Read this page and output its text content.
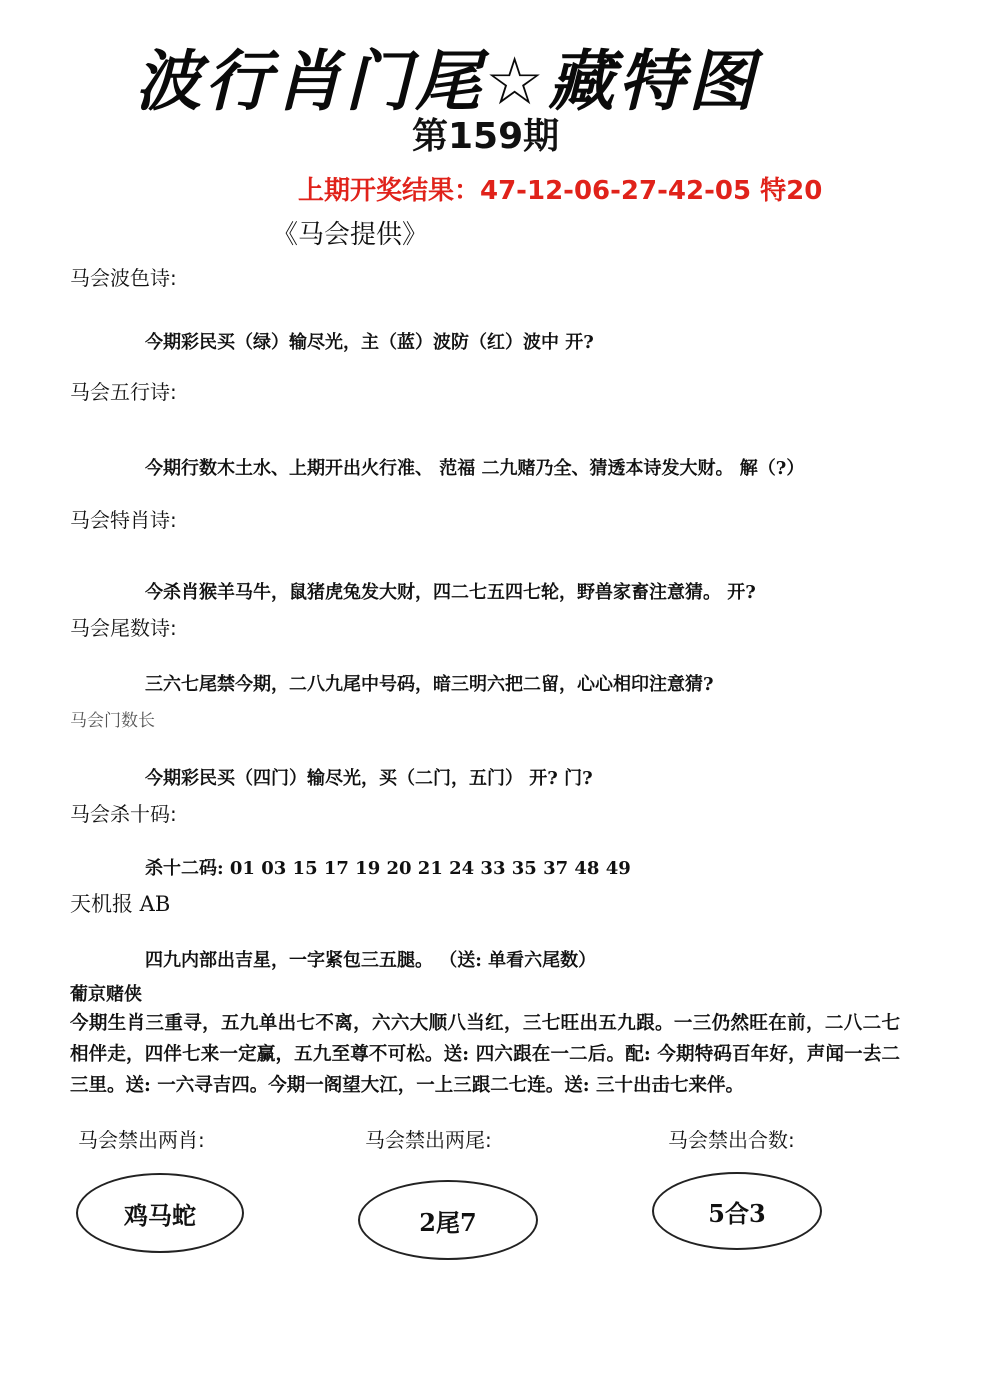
波行肖门尾☆藏特图
第159期
上期开奖结果：47-12-06-27-42-05 特20
《马会提供》
马会波色诗:
今期彩民买（绿）输尽光，主（蓝）波防（红）波中 开?
马会五行诗:
今期行数木土水、上期开出火行准、 范福 二九赌乃全、猜透本诗发大财。 解（?）
马会特肖诗:
今杀肖猴羊马牛，鼠猪虎兔发大财，四二七五四七轮，野兽家畜注意猜。 开?
马会尾数诗:
三六七尾禁今期，二八九尾中号码，暗三明六把二留，心心相印注意猜?
马会门数长
今期彩民买（四门）输尽光，买（二门，五门） 开? 门?
马会杀十码:
杀十二码: 01 03 15 17 19 20 21 24 33 35 37 48 49
天机报 AB
四九内部出吉星，一字紧包三五腿。 （送: 单看六尾数）
葡京赌侠
今期生肖三重寻，五九单出七不离，六六大顺八当红，三七旺出五九跟。一三仍然旺在前，二八二七相伴走，四伴七来一定赢，五九至尊不可松。送: 四六跟在一二后。配: 今期特码百年好，声闻一去二三里。送: 一六寻吉四。今期一阁望大江，一上三跟二七连。送: 三十出击七来伴。
马会禁出两肖:	马会禁出两尾:	马会禁出合数:
鸡马蛇	2尾7	5合3
